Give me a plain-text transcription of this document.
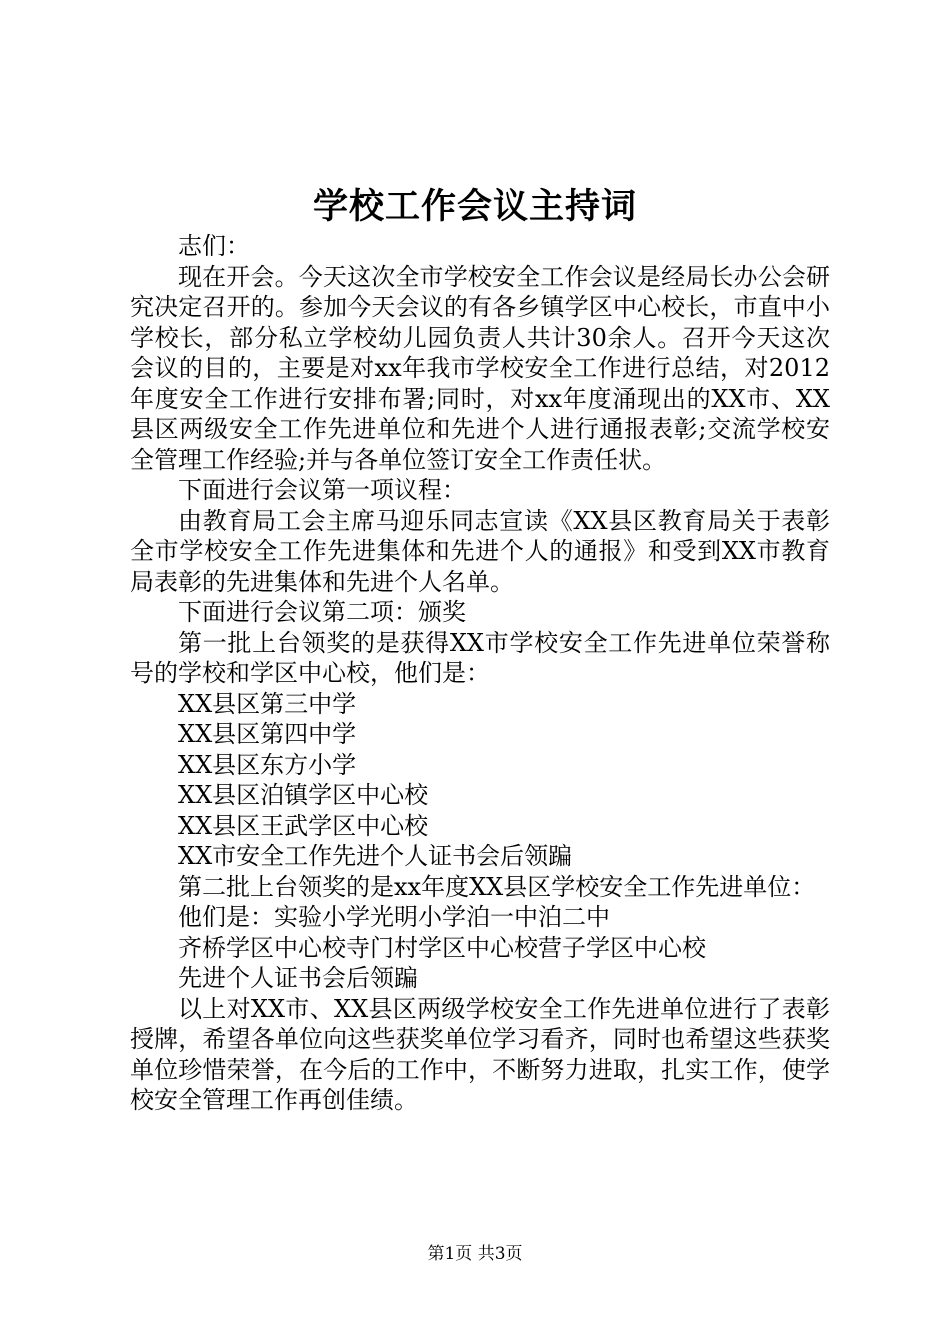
学校工作会议主持词

志们：

现在开会。今天这次全市学校安全工作会议是经局长办公会研究决定召开的。参加今天会议的有各乡镇学区中心校长，市直中小学校长，部分私立学校幼儿园负责人共计30余人。召开今天这次会议的目的，主要是对xx年我市学校安全工作进行总结，对2012年度安全工作进行安排布署;同时，对xx年度涌现出的XX市、XX县区两级安全工作先进单位和先进个人进行通报表彰;交流学校安全管理工作经验;并与各单位签订安全工作责任状。

下面进行会议第一项议程：

由教育局工会主席马迎乐同志宣读《XX县区教育局关于表彰全市学校安全工作先进集体和先进个人的通报》和受到XX市教育局表彰的先进集体和先进个人名单。

下面进行会议第二项：颁奖

第一批上台领奖的是获得XX市学校安全工作先进单位荣誉称号的学校和学区中心校，他们是：

XX县区第三中学

XX县区第四中学

XX县区东方小学

XX县区泊镇学区中心校

XX县区王武学区中心校

XX市安全工作先进个人证书会后领蹁

第二批上台领奖的是xx年度XX县区学校安全工作先进单位：

他们是：实验小学光明小学泊一中泊二中

齐桥学区中心校寺门村学区中心校营子学区中心校

先进个人证书会后领蹁

以上对XX市、XX县区两级学校安全工作先进单位进行了表彰授牌，希望各单位向这些获奖单位学习看齐，同时也希望这些获奖单位珍惜荣誉，在今后的工作中，不断努力进取，扎实工作，使学校安全管理工作再创佳绩。

第1页 共3页
